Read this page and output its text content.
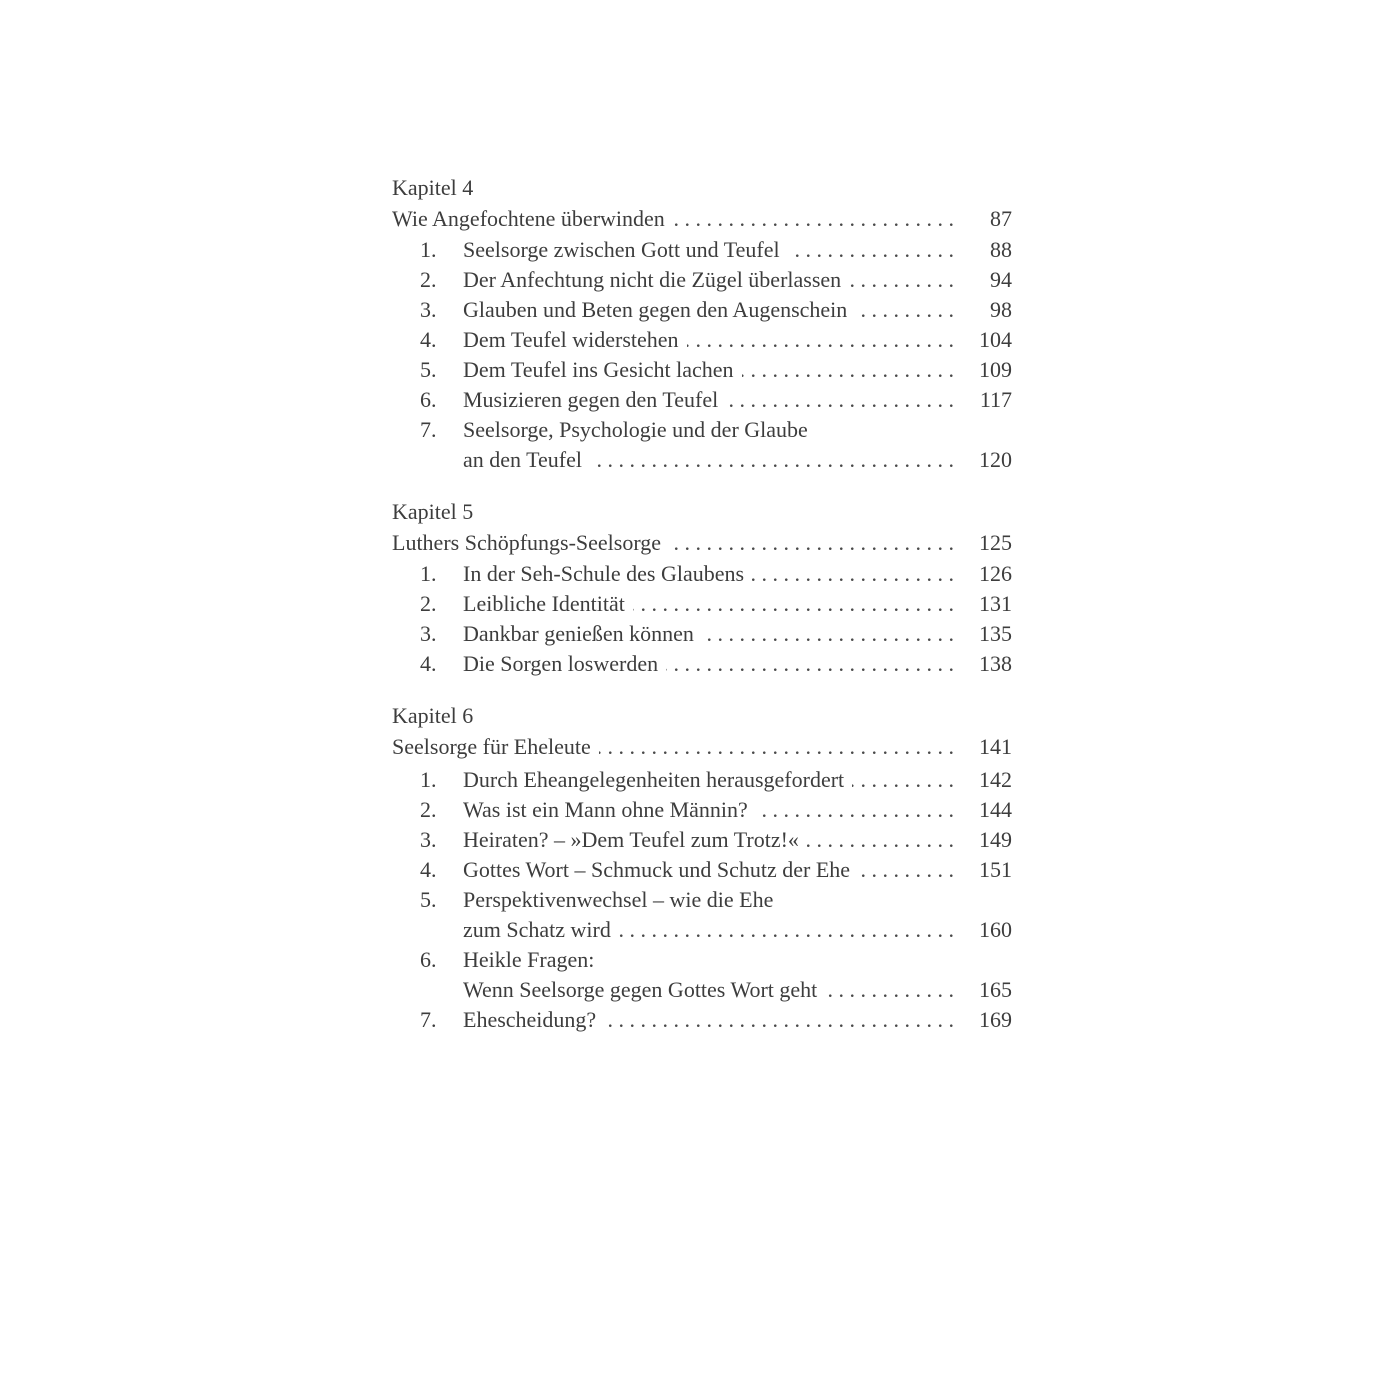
Kapitel 4
Wie Angefochtene überwinden . . .	87
1. Seelsorge zwischen Gott und Teufel . . .	88
2. Der Anfechtung nicht die Zügel überlassen . . .	94
3. Glauben und Beten gegen den Augenschein . . .	98
4. Dem Teufel widerstehen . . .	104
5. Dem Teufel ins Gesicht lachen . . .	109
6. Musizieren gegen den Teufel . . .	117
7. Seelsorge, Psychologie und der Glaube
an den Teufel . . .	120
Kapitel 5
Luthers Schöpfungs-Seelsorge . . .	125
1. In der Seh-Schule des Glaubens . . .	126
2. Leibliche Identität . . .	131
3. Dankbar genießen können . . .	135
4. Die Sorgen loswerden . . .	138
Kapitel 6
Seelsorge für Eheleute . . .	141
1. Durch Eheangelegenheiten herausgefordert . . .	142
2. Was ist ein Mann ohne Männin? . . .	144
3. Heiraten? – »Dem Teufel zum Trotz!« . . .	149
4. Gottes Wort – Schmuck und Schutz der Ehe . . .	151
5. Perspektivenwechsel – wie die Ehe
zum Schatz wird . . .	160
6. Heikle Fragen:
Wenn Seelsorge gegen Gottes Wort geht . . .	165
7. Ehescheidung? . . .	169
